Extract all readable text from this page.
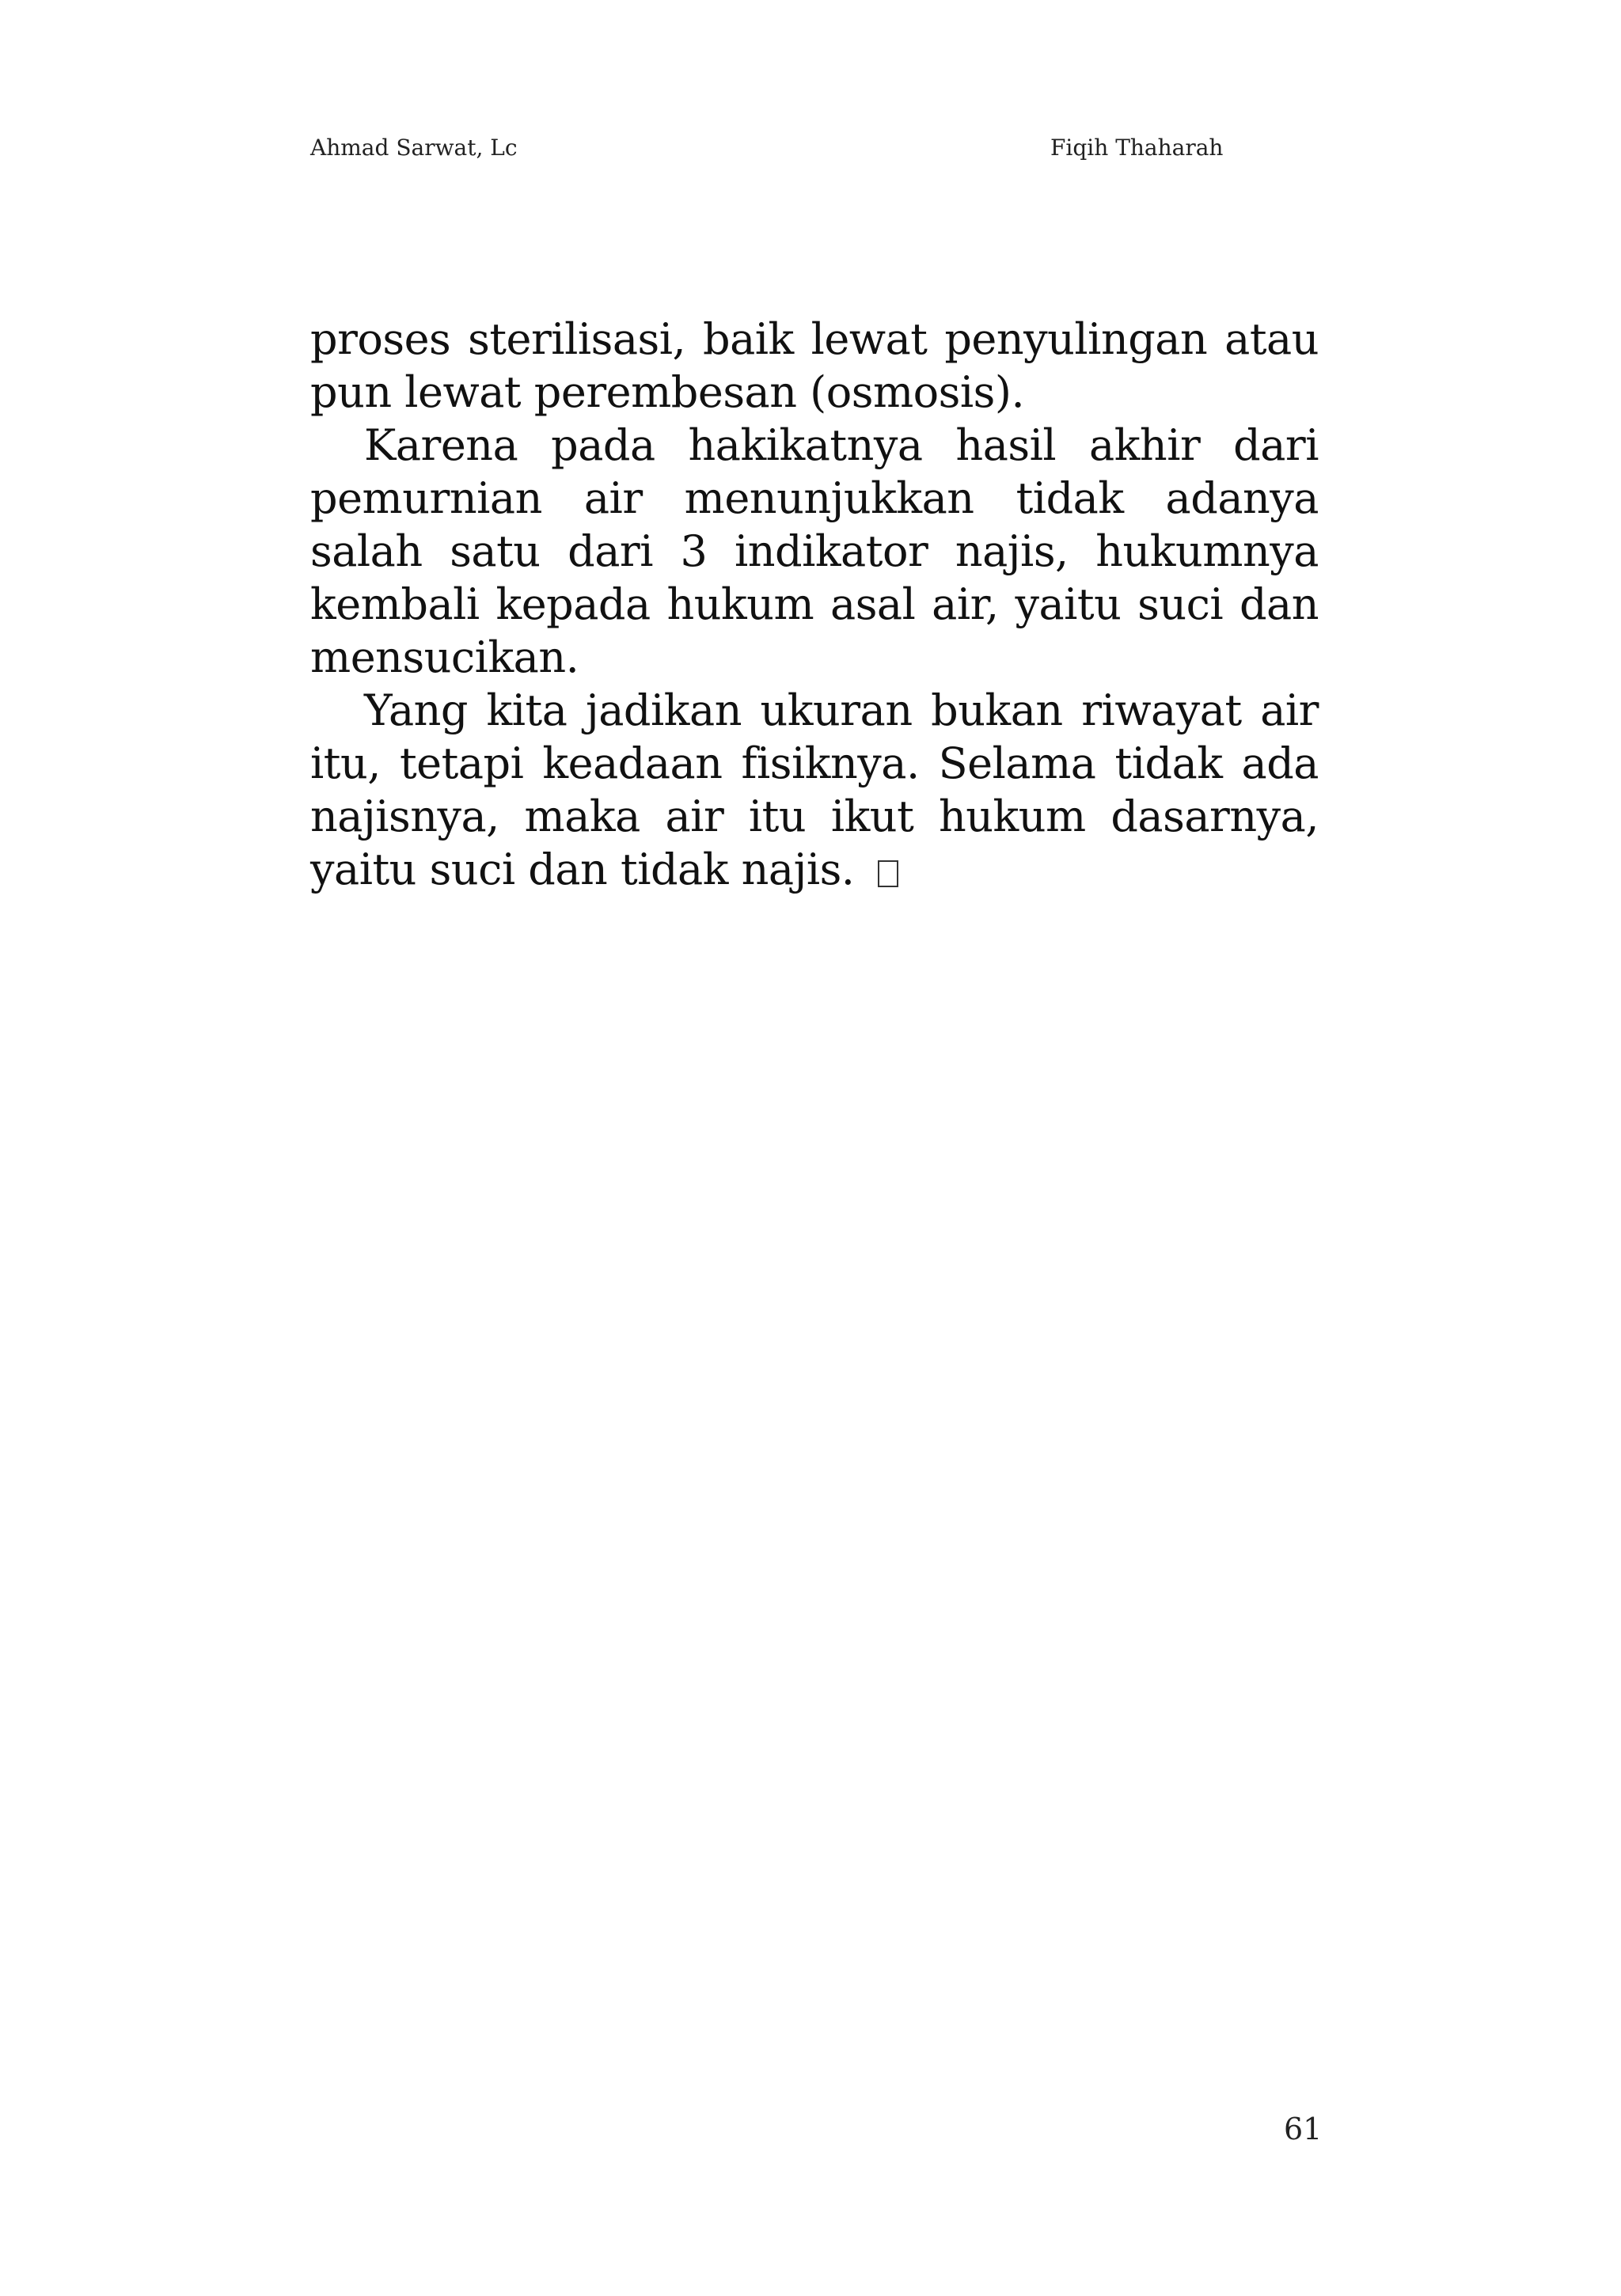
Ahmad Sarwat, Lc	Fiqih Thaharah

proses sterilisasi, baik lewat penyulingan atau pun lewat perembesan (osmosis).

Karena pada hakikatnya hasil akhir dari pemurnian air menunjukkan tidak adanya salah satu dari 3 indikator najis, hukumnya kembali kepada hukum asal air, yaitu suci dan mensucikan.

Yang kita jadikan ukuran bukan riwayat air itu, tetapi keadaan fisiknya. Selama tidak ada najisnya, maka air itu ikut hukum dasarnya, yaitu suci dan tidak najis.

61
